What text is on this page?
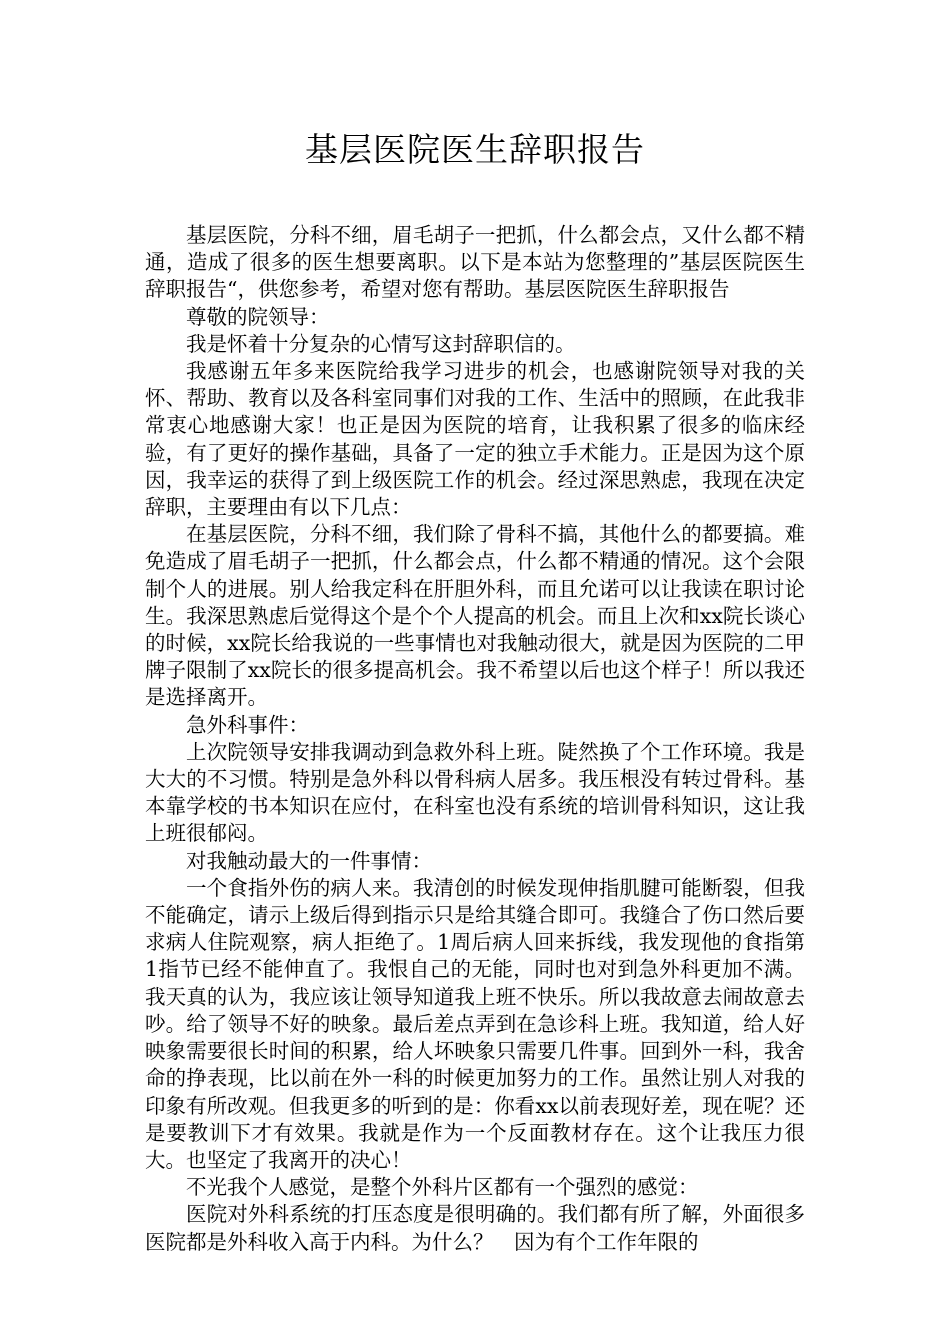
基层医院医生辞职报告

基层医院，分科不细，眉毛胡子一把抓，什么都会点，又什么都不精通，造成了很多的医生想要离职。以下是本站为您整理的”基层医院医生辞职报告“，供您参考，希望对您有帮助。基层医院医生辞职报告

尊敬的院领导：

我是怀着十分复杂的心情写这封辞职信的。

我感谢五年多来医院给我学习进步的机会，也感谢院领导对我的关怀、帮助、教育以及各科室同事们对我的工作、生活中的照顾，在此我非常衷心地感谢大家！也正是因为医院的培育，让我积累了很多的临床经验，有了更好的操作基础，具备了一定的独立手术能力。正是因为这个原因，我幸运的获得了到上级医院工作的机会。经过深思熟虑，我现在决定辞职，主要理由有以下几点：

在基层医院，分科不细，我们除了骨科不搞，其他什么的都要搞。难免造成了眉毛胡子一把抓，什么都会点，什么都不精通的情况。这个会限制个人的进展。别人给我定科在肝胆外科，而且允诺可以让我读在职讨论生。我深思熟虑后觉得这个是个个人提高的机会。而且上次和xx院长谈心的时候，xx院长给我说的一些事情也对我触动很大，就是因为医院的二甲牌子限制了xx院长的很多提高机会。我不希望以后也这个样子！所以我还是选择离开。

急外科事件：

上次院领导安排我调动到急救外科上班。陡然换了个工作环境。我是大大的不习惯。特别是急外科以骨科病人居多。我压根没有转过骨科。基本靠学校的书本知识在应付，在科室也没有系统的培训骨科知识，这让我上班很郁闷。

对我触动最大的一件事情：

一个食指外伤的病人来。我清创的时候发现伸指肌腱可能断裂，但我不能确定，请示上级后得到指示只是给其缝合即可。我缝合了伤口然后要求病人住院观察，病人拒绝了。1周后病人回来拆线，我发现他的食指第1指节已经不能伸直了。我恨自己的无能，同时也对到急外科更加不满。我天真的认为，我应该让领导知道我上班不快乐。所以我故意去闹故意去吵。给了领导不好的映象。最后差点弄到在急诊科上班。我知道，给人好映象需要很长时间的积累，给人坏映象只需要几件事。回到外一科，我舍命的挣表现，比以前在外一科的时候更加努力的工作。虽然让别人对我的印象有所改观。但我更多的听到的是：你看xx以前表现好差，现在呢？还是要教训下才有效果。我就是作为一个反面教材存在。这个让我压力很大。也坚定了我离开的决心！

不光我个人感觉，是整个外科片区都有一个强烈的感觉：

医院对外科系统的打压态度是很明确的。我们都有所了解，外面很多医院都是外科收入高于内科。为什么？　因为有个工作年限的
